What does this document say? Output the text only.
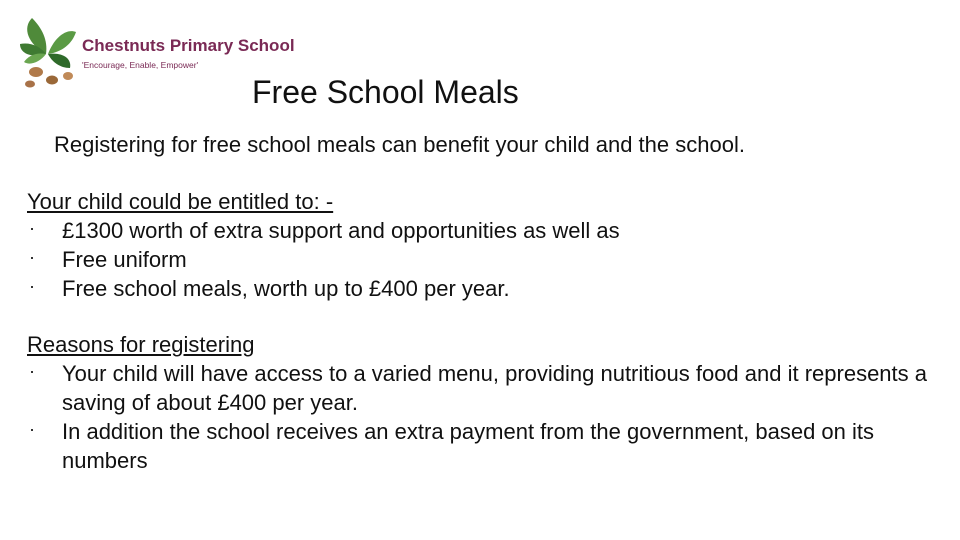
Chestnuts Primary School
'Encourage, Enable, Empower'
Free School Meals
Registering for free school meals can benefit your child and the school.
Your child could be entitled to: -
£1300 worth of extra support and opportunities as well as
Free uniform
Free school meals, worth up to £400 per year.
Reasons for registering
Your child will have access to a varied menu, providing nutritious food and it represents a saving of about £400 per year.
In addition the school receives an extra payment from the government, based on its numbers
